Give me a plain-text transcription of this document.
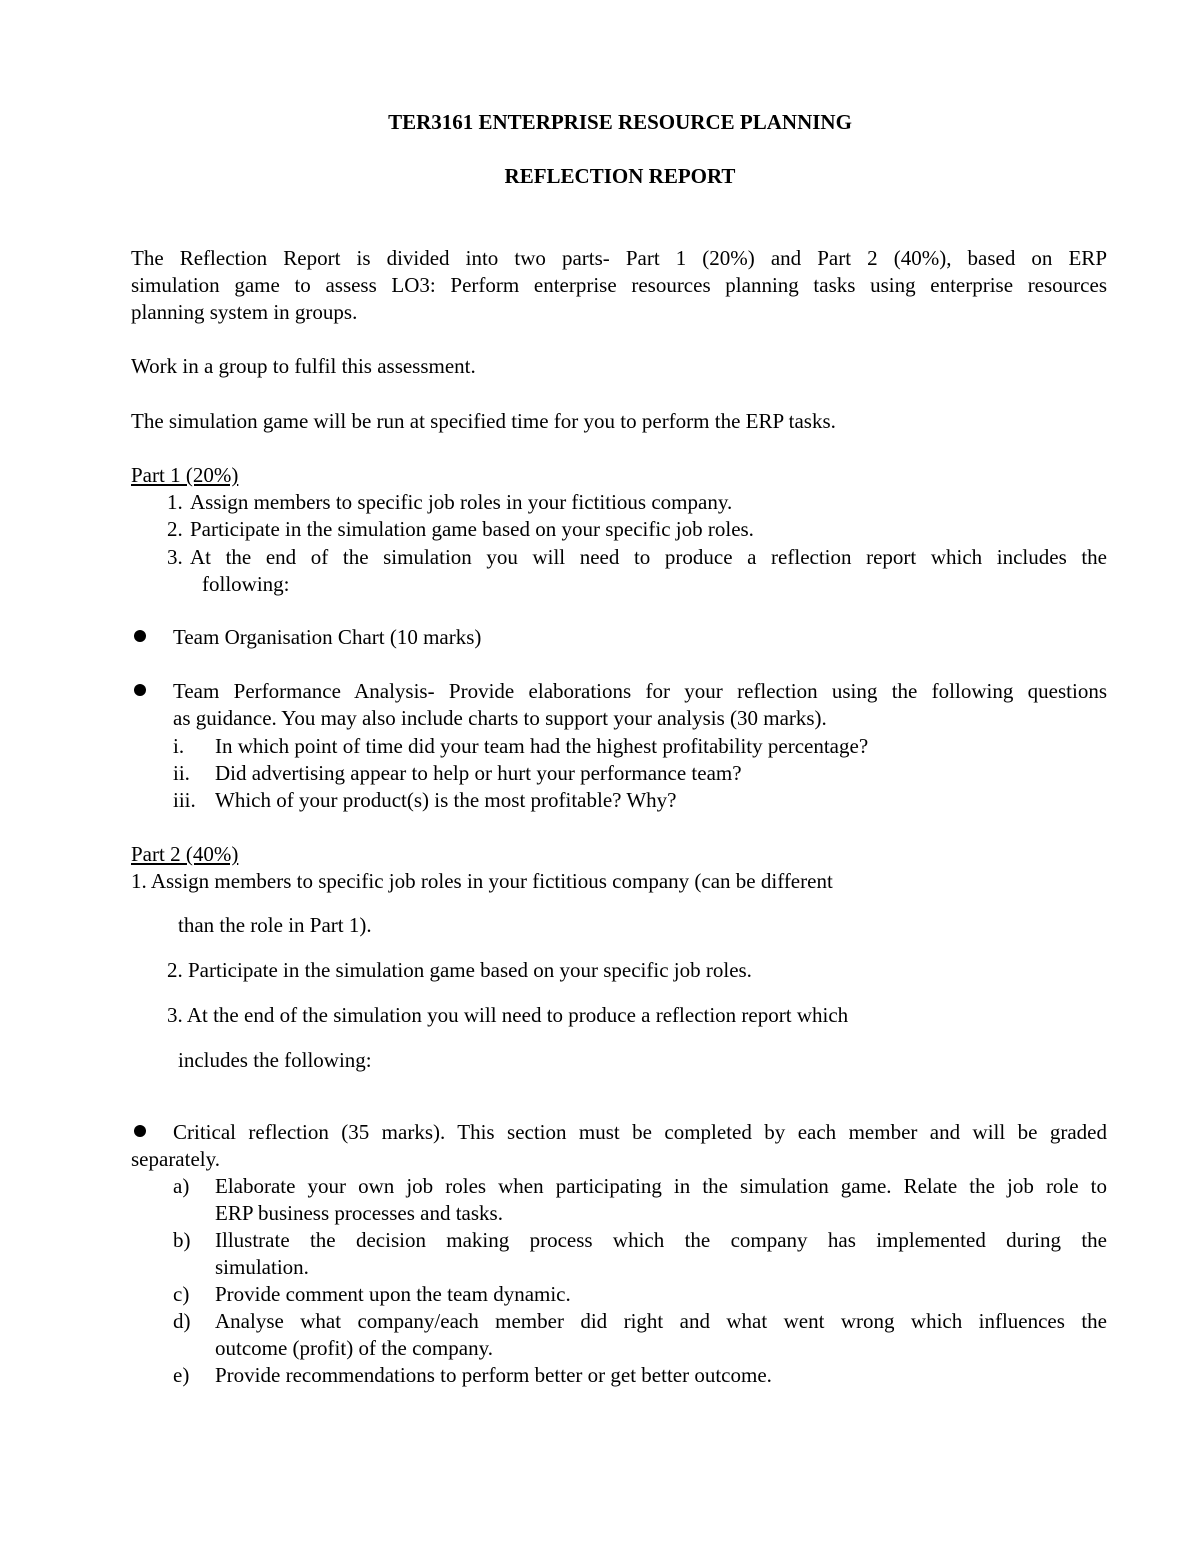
TER3161 ENTERPRISE RESOURCE PLANNING
REFLECTION REPORT
The Reflection Report is divided into two parts- Part 1 (20%) and Part 2 (40%), based on ERP
simulation game to assess LO3: Perform enterprise resources planning tasks using enterprise resources
planning system in groups.
Work in a group to fulfil this assessment.
The simulation game will be run at specified time for you to perform the ERP tasks.
Part 1 (20%)
1. Assign members to specific job roles in your fictitious company.
2. Participate in the simulation game based on your specific job roles.
3. At the end of the simulation you will need to produce a reflection report which includes the
following:
Team Organisation Chart (10 marks)
Team Performance Analysis- Provide elaborations for your reflection using the following questions
as guidance. You may also include charts to support your analysis (30 marks).
i. In which point of time did your team had the highest profitability percentage?
ii. Did advertising appear to help or hurt your performance team?
iii. Which of your product(s) is the most profitable? Why?
Part 2 (40%)
1. Assign members to specific job roles in your fictitious company (can be different
than the role in Part 1).
2. Participate in the simulation game based on your specific job roles.
3. At the end of the simulation you will need to produce a reflection report which
includes the following:
Critical reflection (35 marks). This section must be completed by each member and will be graded
separately.
a) Elaborate your own job roles when participating in the simulation game. Relate the job role to
ERP business processes and tasks.
b) Illustrate the decision making process which the company has implemented during the
simulation.
c) Provide comment upon the team dynamic.
d) Analyse what company/each member did right and what went wrong which influences the
outcome (profit) of the company.
e) Provide recommendations to perform better or get better outcome.
